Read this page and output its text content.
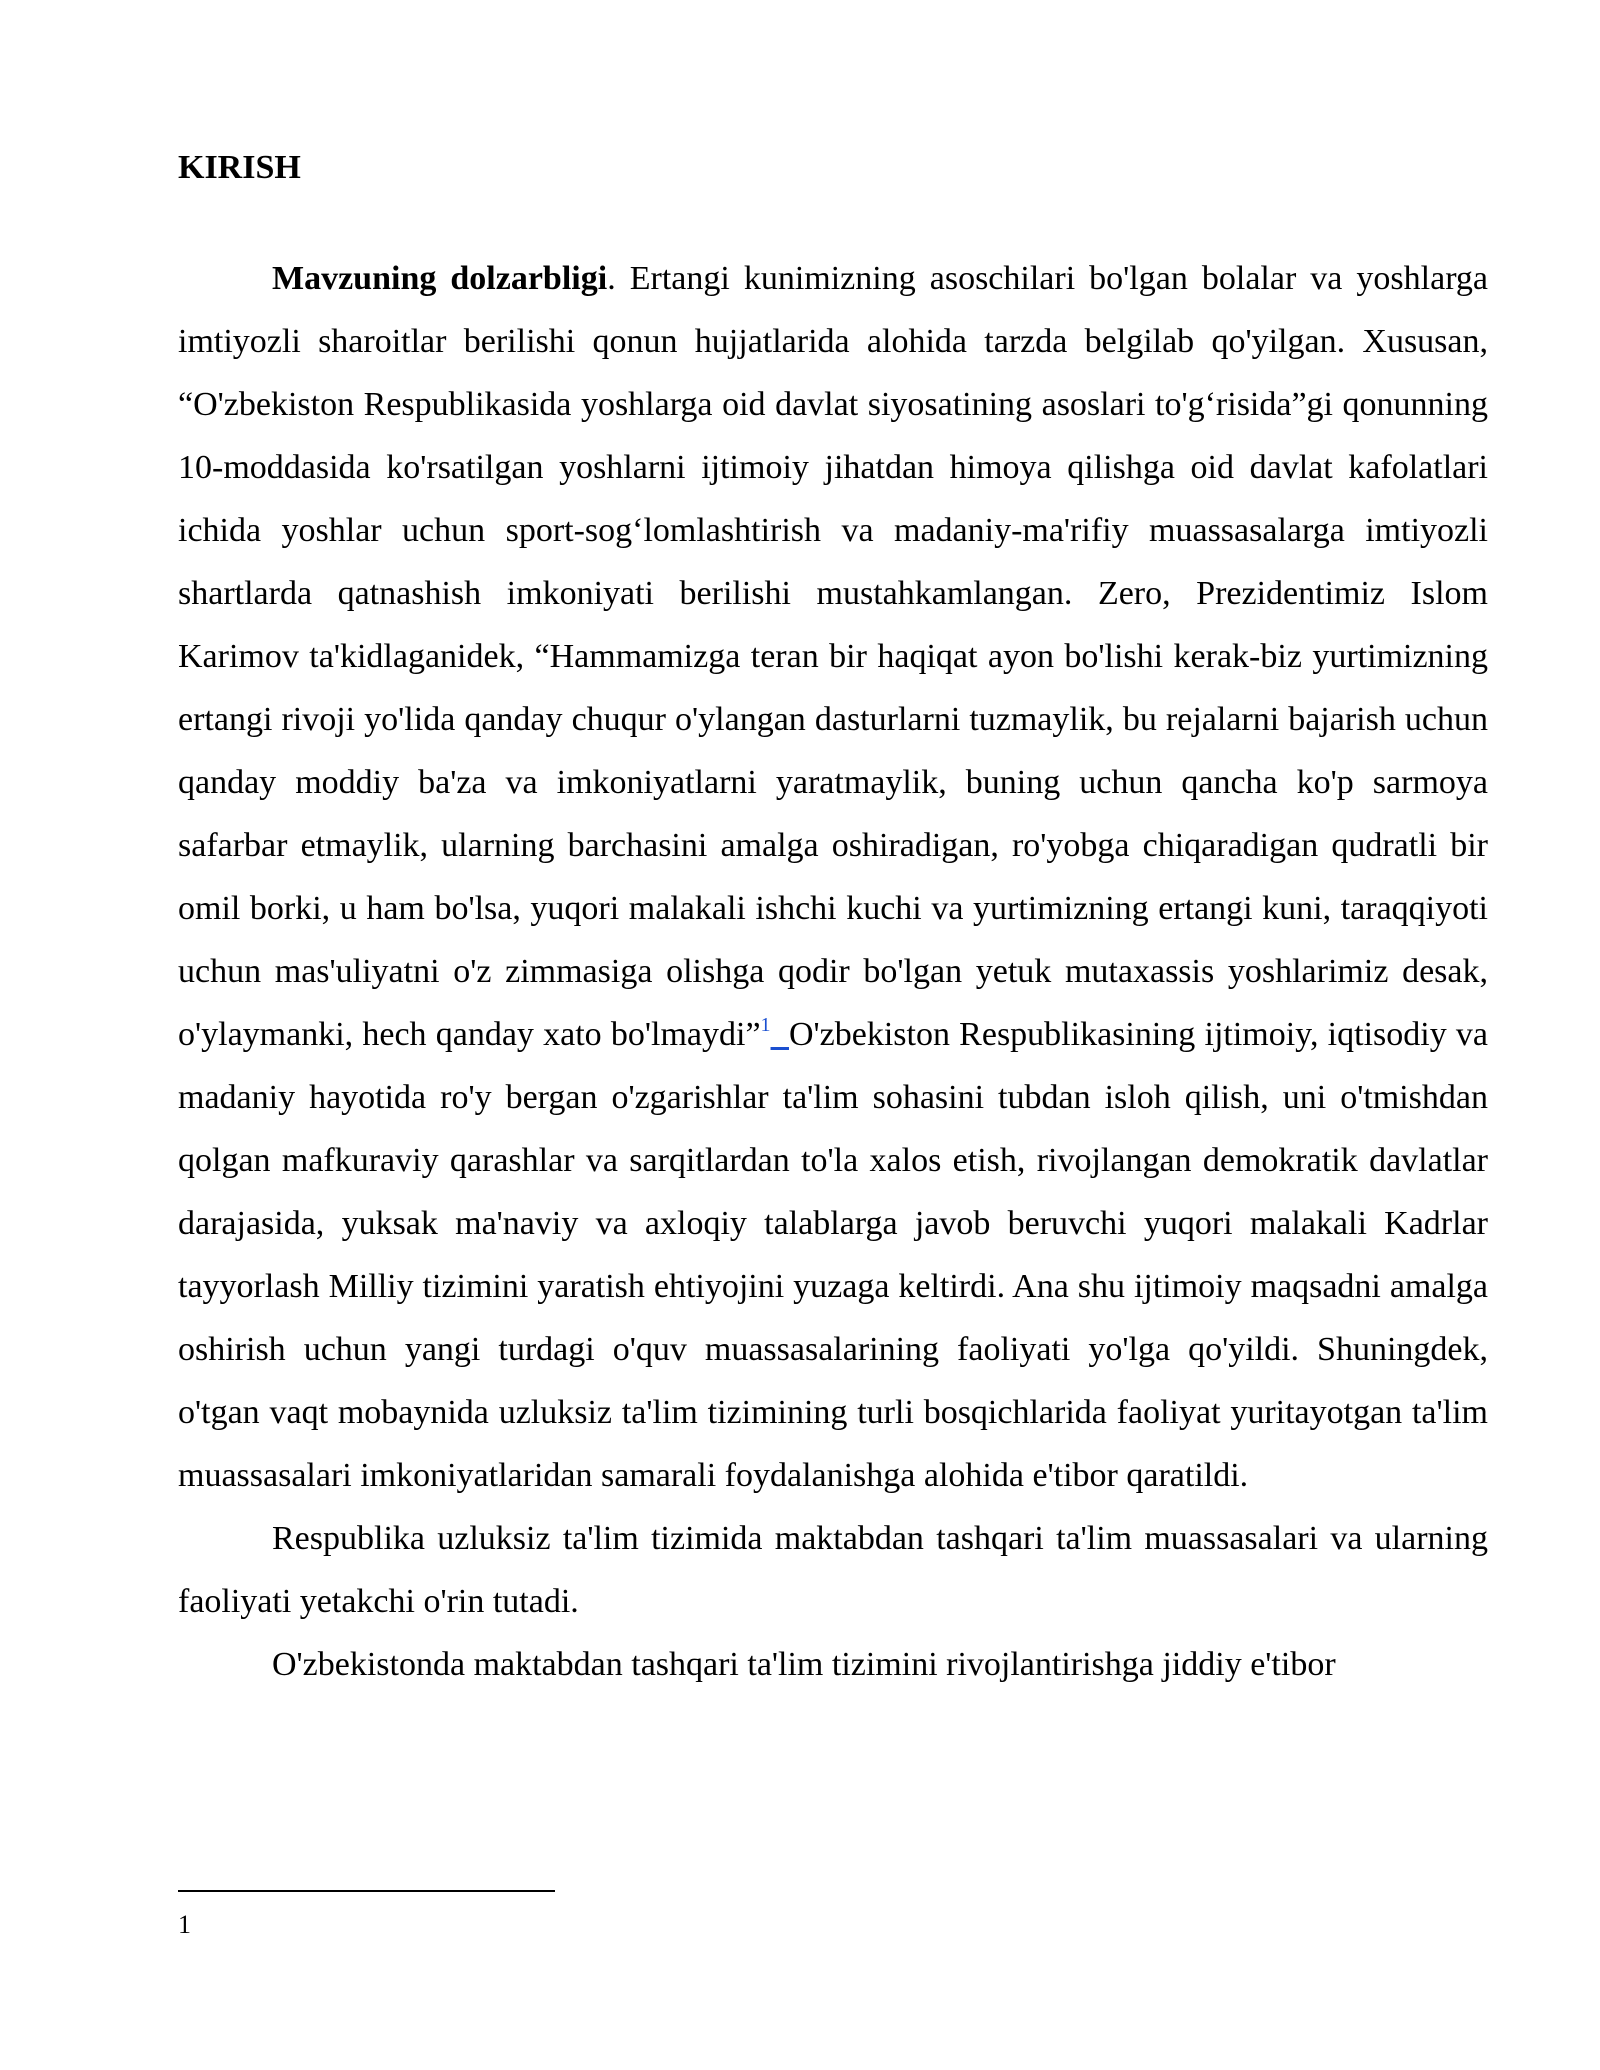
KIRISH

Mavzuning dolzarbligi. Ertangi kunimizning asoschilari bo'lgan bolalar va yoshlarga imtiyozli sharoitlar berilishi qonun hujjatlarida alohida tarzda belgilab qo'yilgan. Xususan, “O'zbekiston Respublikasida yoshlarga oid davlat siyosatining asoslari to'g‘risida”gi qonunning 10-moddasida ko'rsatilgan yoshlarni ijtimoiy jihatdan himoya qilishga oid davlat kafolatlari ichida yoshlar uchun sport-sog‘lomlashtirish va madaniy-ma'rifiy muassasalarga imtiyozli shartlarda qatnashish imkoniyati berilishi mustahkamlangan. Zero, Prezidentimiz Islom Karimov ta'kidlaganidek, “Hammamizga teran bir haqiqat ayon bo'lishi kerak-biz yurtimizning ertangi rivoji yo'lida qanday chuqur o'ylangan dasturlarni tuzmaylik, bu rejalarni bajarish uchun qanday moddiy ba'za va imkoniyatlarni yaratmaylik, buning uchun qancha ko'p sarmoya safarbar etmaylik, ularning barchasini amalga oshiradigan, ro'yobga chiqaradigan qudratli bir omil borki, u ham bo'lsa, yuqori malakali ishchi kuchi va yurtimizning ertangi kuni, taraqqiyoti uchun mas'uliyatni o'z zimmasiga olishga qodir bo'lgan yetuk mutaxassis yoshlarimiz desak, o'ylaymanki, hech qanday xato bo'lmaydi”$^1$ O'zbekiston Respublikasining ijtimoiy, iqtisodiy va madaniy hayotida ro'y bergan o'zgarishlar ta'lim sohasini tubdan isloh qilish, uni o'tmishdan qolgan mafkuraviy qarashlar va sarqitlardan to'la xalos etish, rivojlangan demokratik davlatlar darajasida, yuksak ma'naviy va axloqiy talablarga javob beruvchi yuqori malakali Kadrlar tayyorlash Milliy tizimini yaratish ehtiyojini yuzaga keltirdi. Ana shu ijtimoiy maqsadni amalga oshirish uchun yangi turdagi o'quv muassasalarining faoliyati yo'lga qo'yildi. Shuningdek, o'tgan vaqt mobaynida uzluksiz ta'lim tizimining turli bosqichlarida faoliyat yuritayotgan ta'lim muassasalari imkoniyatlaridan samarali foydalanishga alohida e'tibor qaratildi.

Respublika uzluksiz ta'lim tizimida maktabdan tashqari ta'lim muassasalari va ularning faoliyati yetakchi o'rin tutadi.

O'zbekistonda maktabdan tashqari ta'lim tizimini rivojlantirishga jiddiy e'tibor

1
